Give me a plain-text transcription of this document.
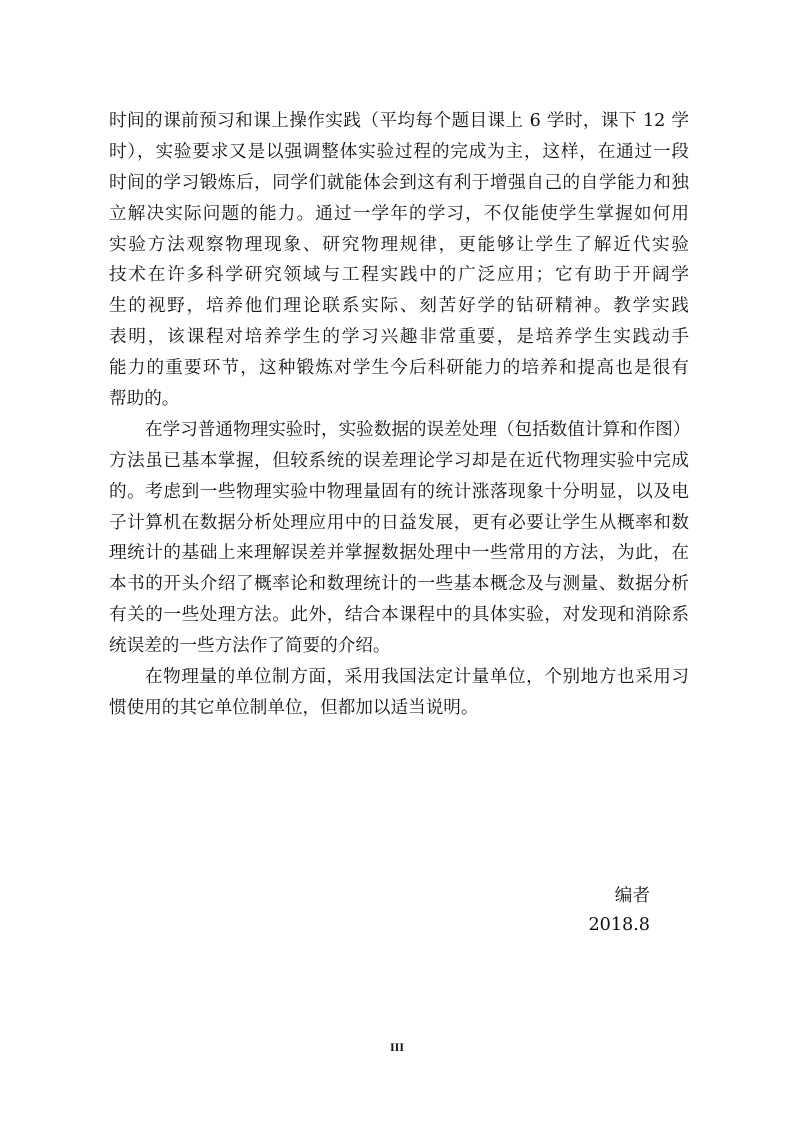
时间的课前预习和课上操作实践（平均每个题目课上 6 学时，课下 12 学
时），实验要求又是以强调整体实验过程的完成为主，这样，在通过一段
时间的学习锻炼后，同学们就能体会到这有利于增强自己的自学能力和独
立解决实际问题的能力。通过一学年的学习，不仅能使学生掌握如何用
实验方法观察物理现象、研究物理规律，更能够让学生了解近代实验
技术在许多科学研究领域与工程实践中的广泛应用；它有助于开阔学
生的视野，培养他们理论联系实际、刻苦好学的钻研精神。教学实践
表明，该课程对培养学生的学习兴趣非常重要，是培养学生实践动手
能力的重要环节，这种锻炼对学生今后科研能力的培养和提高也是很有
帮助的。
在学习普通物理实验时，实验数据的误差处理（包括数值计算和作图）
方法虽已基本掌握，但较系统的误差理论学习却是在近代物理实验中完成
的。考虑到一些物理实验中物理量固有的统计涨落现象十分明显，以及电
子计算机在数据分析处理应用中的日益发展，更有必要让学生从概率和数
理统计的基础上来理解误差并掌握数据处理中一些常用的方法，为此，在
本书的开头介绍了概率论和数理统计的一些基本概念及与测量、数据分析
有关的一些处理方法。此外，结合本课程中的具体实验，对发现和消除系
统误差的一些方法作了简要的介绍。
在物理量的单位制方面，采用我国法定计量单位，个别地方也采用习
惯使用的其它单位制单位，但都加以适当说明。
编者
2018.8
III
